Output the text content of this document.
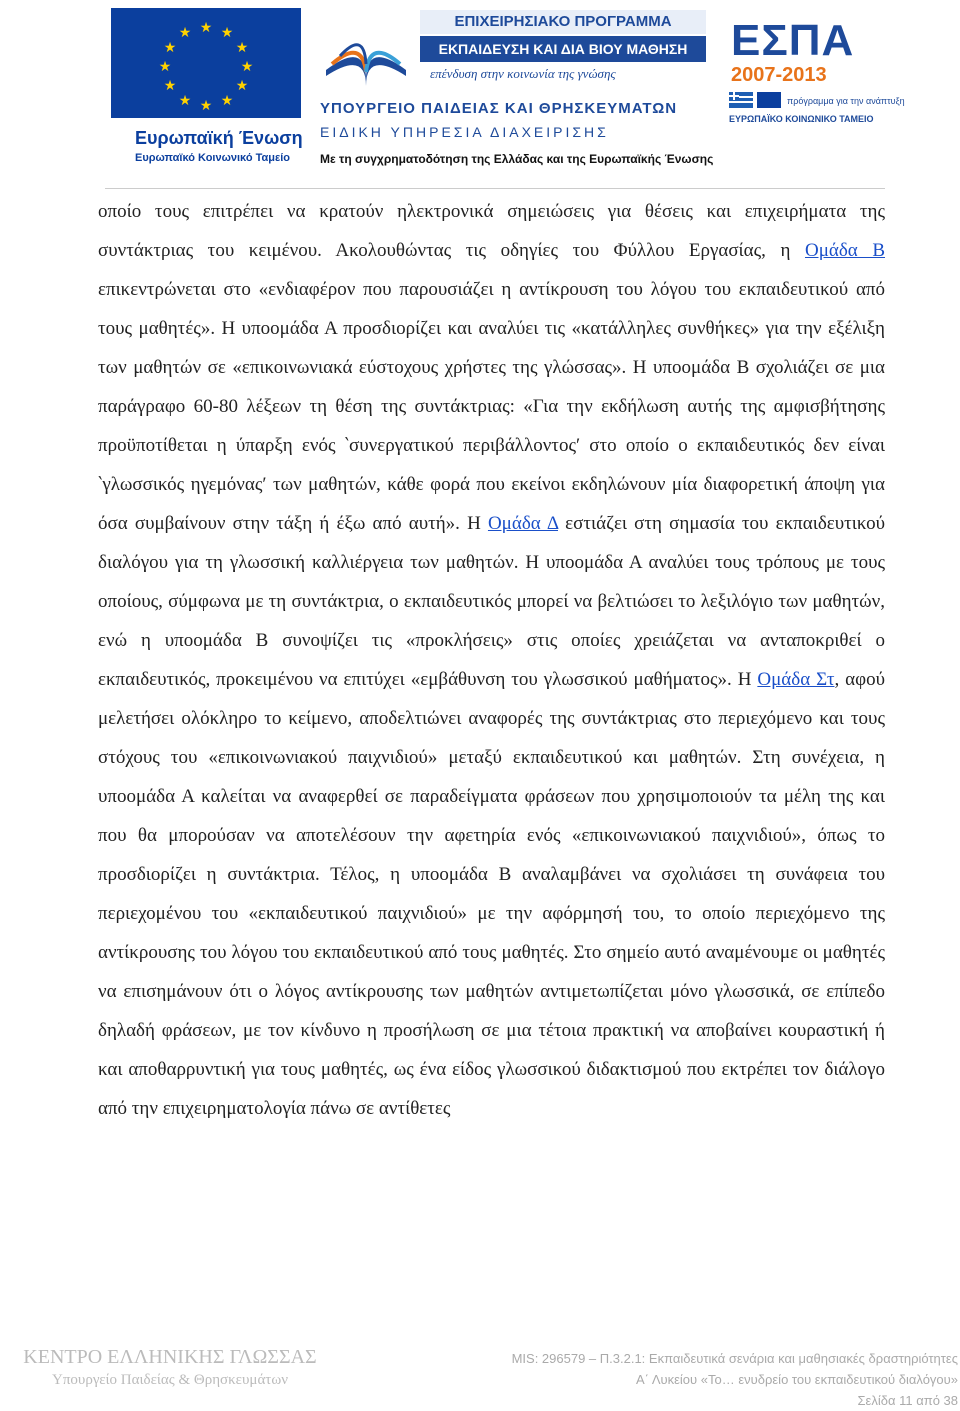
★ ★
★
★
★
★
★
★
★
★
★
★
Ευρωπαϊκή Ένωση
Ευρωπαϊκό Κοινωνικό Ταμείο
ΕΠΙΧΕΙΡΗΣΙΑΚΟ ΠΡΟΓΡΑΜΜΑ
ΕΚΠΑΙΔΕΥΣΗ ΚΑΙ ΔΙΑ ΒΙΟΥ ΜΑΘΗΣΗ
επένδυση στην κοινωνία της γνώσης
ΥΠΟΥΡΓΕΙΟ ΠΑΙΔΕΙΑΣ ΚΑΙ ΘΡΗΣΚΕΥΜΑΤΩΝ
ΕΙΔΙΚΗ ΥΠΗΡΕΣΙΑ ΔΙΑΧΕΙΡΙΣΗΣ
ΕΣΠΑ
2007-2013
πρόγραμμα για την ανάπτυξη
ΕΥΡΩΠΑΪΚΟ ΚΟΙΝΩΝΙΚΟ ΤΑΜΕΙΟ
Με τη συγχρηματοδότηση της Ελλάδας και της Ευρωπαϊκής Ένωσης

οποίο τους επιτρέπει να κρατούν ηλεκτρονικά σημειώσεις για θέσεις και επιχειρήματα της συντάκτριας του κειμένου. Ακολουθώντας τις οδηγίες του Φύλλου Εργασίας, η Ομάδα Β επικεντρώνεται στο «ενδιαφέρον που παρουσιάζει η αντίκρουση του λόγου του εκπαιδευτικού από τους μαθητές». Η υποομάδα Α προσδιορίζει και αναλύει τις «κατάλληλες συνθήκες» για την εξέλιξη των μαθητών σε «επικοινωνιακά εύστοχους χρήστες της γλώσσας». Η υποομάδα Β σχολιάζει σε μια παράγραφο 60-80 λέξεων τη θέση της συντάκτριας: «Για την εκδήλωση αυτής της αμφισβήτησης προϋποτίθεται η ύπαρξη ενός ‵συνεργατικού περιβάλλοντος′ στο οποίο ο εκπαιδευτικός δεν είναι ‵γλωσσικός ηγεμόνας′ των μαθητών, κάθε φορά που εκείνοι εκδηλώνουν μία διαφορετική άποψη για όσα συμβαίνουν στην τάξη ή έξω από αυτή». Η Ομάδα Δ εστιάζει στη σημασία του εκπαιδευτικού διαλόγου για τη γλωσσική καλλιέργεια των μαθητών. Η υποομάδα Α αναλύει τους τρόπους με τους οποίους, σύμφωνα με τη συντάκτρια, ο εκπαιδευτικός μπορεί να βελτιώσει το λεξιλόγιο των μαθητών, ενώ η υποομάδα Β συνοψίζει τις «προκλήσεις» στις οποίες χρειάζεται να ανταποκριθεί ο εκπαιδευτικός, προκειμένου να επιτύχει «εμβάθυνση του γλωσσικού μαθήματος». Η Ομάδα Στ, αφού μελετήσει ολόκληρο το κείμενο, αποδελτιώνει αναφορές της συντάκτριας στο περιεχόμενο και τους στόχους του «επικοινωνιακού παιχνιδιού» μεταξύ εκπαιδευτικού και μαθητών. Στη συνέχεια, η υποομάδα Α καλείται να αναφερθεί σε παραδείγματα φράσεων που χρησιμοποιούν τα μέλη της και που θα μπορούσαν να αποτελέσουν την αφετηρία ενός «επικοινωνιακού παιχνιδιού», όπως το προσδιορίζει η συντάκτρια. Τέλος, η υποομάδα Β αναλαμβάνει να σχολιάσει τη συνάφεια του περιεχομένου του «εκπαιδευτικού παιχνιδιού» με την αφόρμησή του, το οποίο περιεχόμενο της αντίκρουσης του λόγου του εκπαιδευτικού από τους μαθητές. Στο σημείο αυτό αναμένουμε οι μαθητές να επισημάνουν ότι ο λόγος αντίκρουσης των μαθητών αντιμετωπίζεται μόνο γλωσσικά, σε επίπεδο δηλαδή φράσεων, με τον κίνδυνο η προσήλωση σε μια τέτοια πρακτική να αποβαίνει κουραστική ή και αποθαρρυντική για τους μαθητές, ως ένα είδος γλωσσικού διδακτισμού που εκτρέπει τον διάλογο από την επιχειρηματολογία πάνω σε αντίθετες

ΚΕΝΤΡΟ ΕΛΛΗΝΙΚΗΣ ΓΛΩΣΣΑΣ
Υπουργείο Παιδείας & Θρησκευμάτων
MIS: 296579 – Π.3.2.1: Εκπαιδευτικά σενάρια και μαθησιακές δραστηριότητες
Α΄ Λυκείου «Το… ενυδρείο του εκπαιδευτικού διαλόγου»
Σελίδα 11 από 38
